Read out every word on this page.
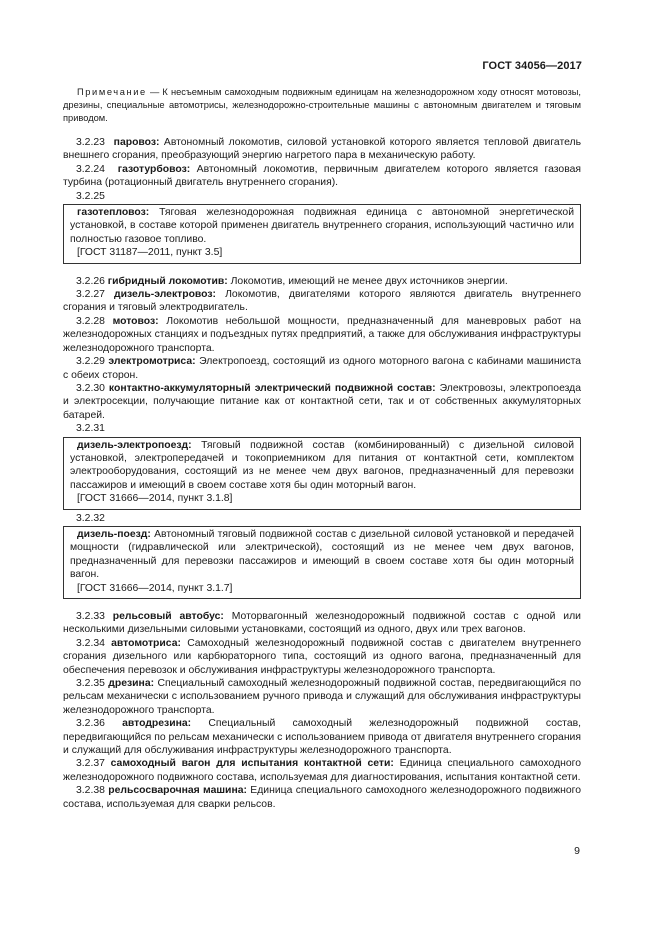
ГОСТ 34056—2017

Примечание — К несъемным самоходным подвижным единицам на железнодорожном ходу относят мотовозы, дрезины, специальные автомотрисы, железнодорожно-строительные машины с автономным двигателем и тяговым приводом.

3.2.23 паровоз: Автономный локомотив, силовой установкой которого является тепловой двигатель внешнего сгорания, преобразующий энергию нагретого пара в механическую работу.

3.2.24 газотурбовоз: Автономный локомотив, первичным двигателем которого является газовая турбина (ротационный двигатель внутреннего сгорания).

3.2.25

газотепловоз: Тяговая железнодорожная подвижная единица с автономной энергетической установкой, в составе которой применен двигатель внутреннего сгорания, использующий частично или полностью газовое топливо.

[ГОСТ 31187—2011, пункт 3.5]

3.2.26 гибридный локомотив: Локомотив, имеющий не менее двух источников энергии.

3.2.27 дизель-электровоз: Локомотив, двигателями которого являются двигатель внутреннего сгорания и тяговый электродвигатель.

3.2.28 мотовоз: Локомотив небольшой мощности, предназначенный для маневровых работ на железнодорожных станциях и подъездных путях предприятий, а также для обслуживания инфраструктуры железнодорожного транспорта.

3.2.29 электромотриса: Электропоезд, состоящий из одного моторного вагона с кабинами машиниста с обеих сторон.

3.2.30 контактно-аккумуляторный электрический подвижной состав: Электровозы, электропоезда и электросекции, получающие питание как от контактной сети, так и от собственных аккумуляторных батарей.

3.2.31

дизель-электропоезд: Тяговый подвижной состав (комбинированный) с дизельной силовой установкой, электропередачей и токоприемником для питания от контактной сети, комплектом электрооборудования, состоящий из не менее чем двух вагонов, предназначенный для перевозки пассажиров и имеющий в своем составе хотя бы один моторный вагон.

[ГОСТ 31666—2014, пункт 3.1.8]

3.2.32

дизель-поезд: Автономный тяговый подвижной состав с дизельной силовой установкой и передачей мощности (гидравлической или электрической), состоящий из не менее чем двух вагонов, предназначенный для перевозки пассажиров и имеющий в своем составе хотя бы один моторный вагон.

[ГОСТ 31666—2014, пункт 3.1.7]

3.2.33 рельсовый автобус: Моторвагонный железнодорожный подвижной состав с одной или несколькими дизельными силовыми установками, состоящий из одного, двух или трех вагонов.

3.2.34 автомотриса: Самоходный железнодорожный подвижной состав с двигателем внутреннего сгорания дизельного или карбюраторного типа, состоящий из одного вагона, предназначенный для обеспечения перевозок и обслуживания инфраструктуры железнодорожного транспорта.

3.2.35 дрезина: Специальный самоходный железнодорожный подвижной состав, передвигающийся по рельсам механически с использованием ручного привода и служащий для обслуживания инфраструктуры железнодорожного транспорта.

3.2.36 автодрезина: Специальный самоходный железнодорожный подвижной состав, передвигающийся по рельсам механически с использованием привода от двигателя внутреннего сгорания и служащий для обслуживания инфраструктуры железнодорожного транспорта.

3.2.37 самоходный вагон для испытания контактной сети: Единица специального самоходного железнодорожного подвижного состава, используемая для диагностирования, испытания контактной сети.

3.2.38 рельсосварочная машина: Единица специального самоходного железнодорожного подвижного состава, используемая для сварки рельсов.

9
